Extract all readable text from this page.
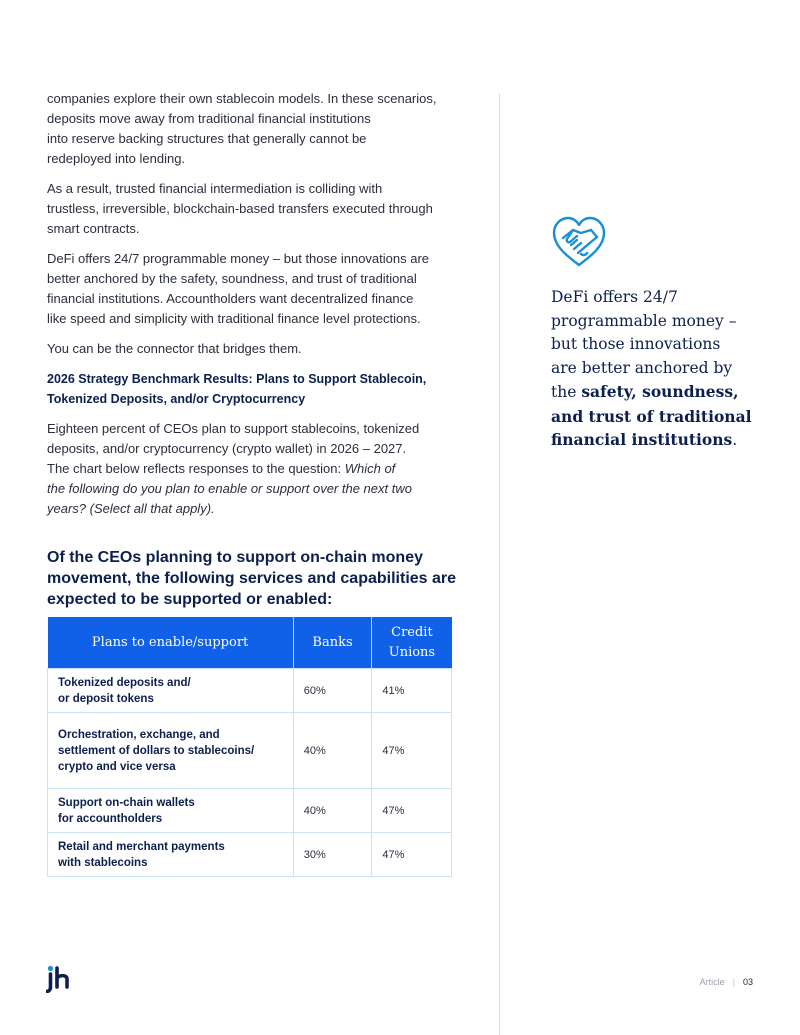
companies explore their own stablecoin models. In these scenarios,
deposits move away from traditional financial institutions
into reserve backing structures that generally cannot be
redeployed into lending.

As a result, trusted financial intermediation is colliding with
trustless, irreversible, blockchain-based transfers executed through
smart contracts.

DeFi offers 24/7 programmable money – but those innovations are
better anchored by the safety, soundness, and trust of traditional
financial institutions. Accountholders want decentralized finance
like speed and simplicity with traditional finance level protections.

You can be the connector that bridges them.

2026 Strategy Benchmark Results: Plans to Support Stablecoin,
Tokenized Deposits, and/or Cryptocurrency

Eighteen percent of CEOs plan to support stablecoins, tokenized
deposits, and/or cryptocurrency (crypto wallet) in 2026 – 2027.
The chart below reflects responses to the question: Which of
the following do you plan to enable or support over the next two
years? (Select all that apply).

Of the CEOs planning to support on-chain money
movement, the following services and capabilities are
expected to be supported or enabled:
Plans to enable/support	Banks	Credit
Unions

Tokenized deposits and/
or deposit tokens	60%	41%

Orchestration, exchange, and
settlement of dollars to stablecoins/
crypto and vice versa	40%	47%

Support on-chain wallets
for accountholders	40%	47%

Retail and merchant payments
with stablecoins	30%	47%
DeFi offers 24/7
programmable money –
but those innovations
are better anchored by
the safety, soundness,
and trust of traditional
financial institutions.
Article | 03
